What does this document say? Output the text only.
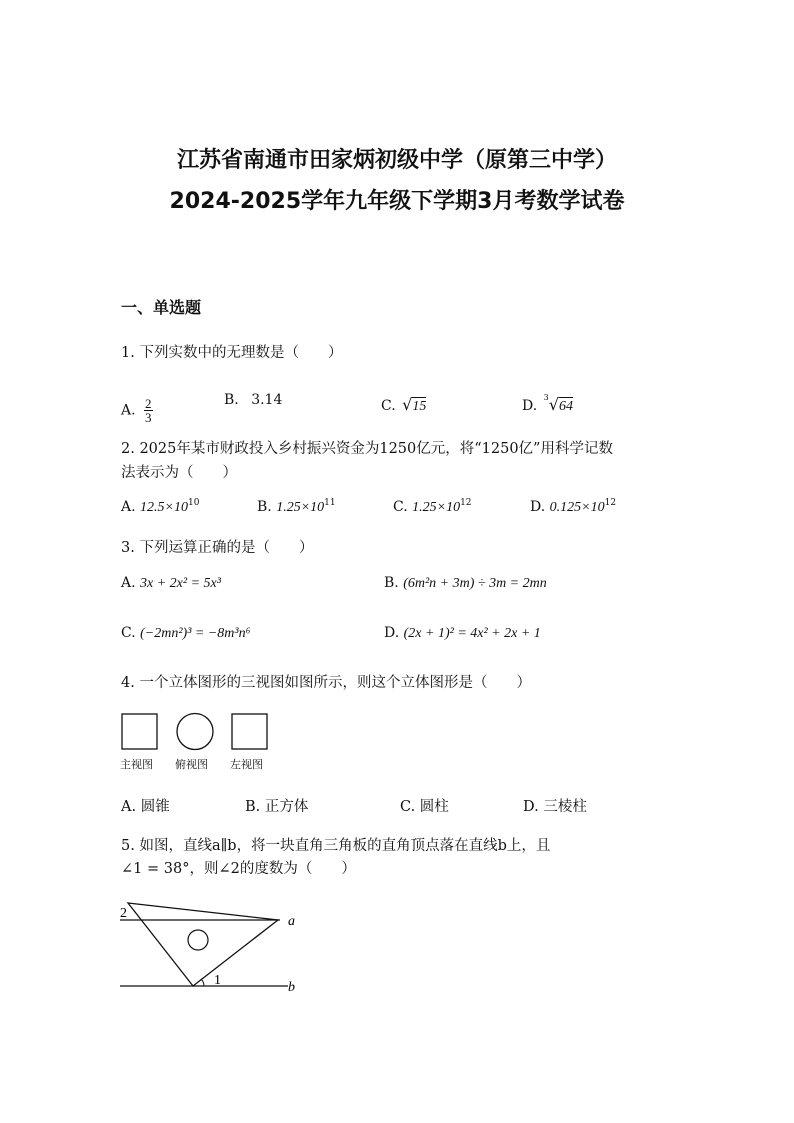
江苏省南通市田家炳初级中学（原第三中学）
2024-2025学年九年级下学期3月考数学试卷
一、单选题
1. 下列实数中的无理数是（　　）
A. $\frac{2}{3}$	B. 3.14	C. √15	D. $^3$√64
2. 2025年某市财政投入乡村振兴资金为1250亿元，将“1250亿”用科学记数
法表示为（　　）
A. $12.5\times 10^{10}$	B. $1.25\times 10^{11}$	C. $1.25\times 10^{12}$	D. $0.125\times 10^{12}$
3. 下列运算正确的是（　　）
A. 3x + 2x² = 5x³	B. (6m²n + 3m) ÷ 3m = 2mn
C. (−2mn²)³ = −8m³n⁶	D. (2x + 1)² = 4x² + 2x + 1
4. 一个立体图形的三视图如图所示，则这个立体图形是（　　）
主视图 俯视图 左视图
A. 圆锥	B. 正方体	C. 圆柱	D. 三棱柱
5. 如图，直线a∥b，将一块直角三角板的直角顶点落在直线b上，且
∠1 = 38°，则∠2的度数为（　　）
1
2
a
b
